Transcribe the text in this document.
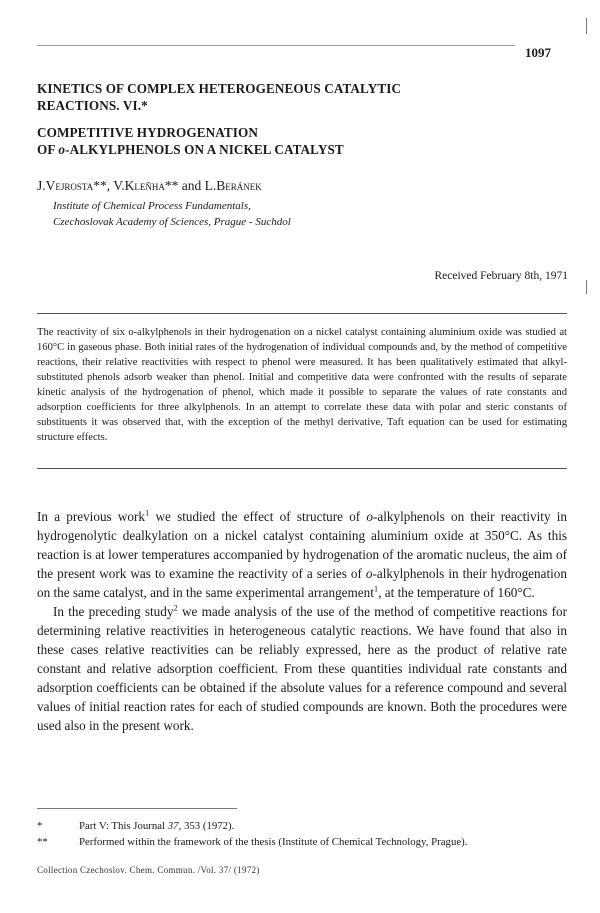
1097
KINETICS OF COMPLEX HETEROGENEOUS CATALYTIC
REACTIONS. VI.*
COMPETITIVE HYDROGENATION
OF o-ALKYLPHENOLS ON A NICKEL CATALYST
J.Vejrosta**, V.Kleňha** and L.Beránek
Institute of Chemical Process Fundamentals,
Czechoslovak Academy of Sciences, Prague - Suchdol
Received February 8th, 1971
The reactivity of six o-alkylphenols in their hydrogenation on a nickel catalyst containing aluminium oxide was studied at 160°C in gaseous phase. Both initial rates of the hydrogenation of individual compounds and, by the method of competitive reactions, their relative reactivities with respect to phenol were measured. It has been qualitatively estimated that alkyl-substituted phenols adsorb weaker than phenol. Initial and competitive data were confronted with the results of separate kinetic analysis of the hydrogenation of phenol, which made it possible to separate the values of rate constants and adsorption coefficients for three alkylphenols. In an attempt to correlate these data with polar and steric constants of substituents it was observed that, with the exception of the methyl derivative, Taft equation can be used for estimating structure effects.

In a previous work$^1$ we studied the effect of structure of o-alkylphenols on their reactivity in hydrogenolytic dealkylation on a nickel catalyst containing aluminium oxide at 350°C. As this reaction is at lower temperatures accompanied by hydrogenation of the aromatic nucleus, the aim of the present work was to examine the reactivity of a series of o-alkylphenols in their hydrogenation on the same catalyst, and in the same experimental arrangement$^1$, at the temperature of 160°C.

In the preceding study$^2$ we made analysis of the use of the method of competitive reactions for determining relative reactivities in heterogeneous catalytic reactions. We have found that also in these cases relative reactivities can be reliably expressed, here as the product of relative rate constant and relative adsorption coefficient. From these quantities individual rate constants and adsorption coefficients can be obtained if the absolute values for a reference compound and several values of initial reaction rates for each of studied compounds are known. Both the procedures were used also in the present work.

*	Part V: This Journal 37, 353 (1972).
**	Performed within the framework of the thesis (Institute of Chemical Technology, Prague).
Collection Czechoslov. Chem. Commun. /Vol. 37/ (1972)
